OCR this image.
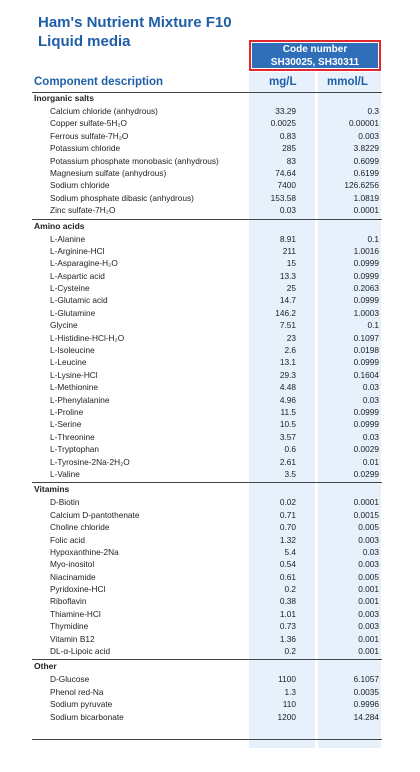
Ham's Nutrient Mixture F10
Liquid media	Code number
SH30025, SH30311
Component description	mg/L	mmol/L
Inorganic salts
Calcium chloride (anhydrous)	33.29	0.3
Copper sulfate-5H₂O	0.0025	0.00001
Ferrous sulfate-7H₂O	0.83	0.003
Potassium chloride	285	3.8229
Potassium phosphate monobasic (anhydrous)	83	0.6099
Magnesium sulfate (anhydrous)	74.64	0.6199
Sodium chloride	7400	126.6256
Sodium phosphate dibasic (anhydrous)	153.58	1.0819
Zinc sulfate-7H₂O	0.03	0.0001
Amino acids
L-Alanine	8.91	0.1
L-Arginine-HCl	211	1.0016
L-Asparagine-H₂O	15	0.0999
L-Aspartic acid	13.3	0.0999
L-Cysteine	25	0.2063
L-Glutamic acid	14.7	0.0999
L-Glutamine	146.2	1.0003
Glycine	7.51	0.1
L-Histidine-HCl-H₂O	23	0.1097
L-Isoleucine	2.6	0.0198
L-Leucine	13.1	0.0999
L-Lysine-HCl	29.3	0.1604
L-Methionine	4.48	0.03
L-Phenylalanine	4.96	0.03
L-Proline	11.5	0.0999
L-Serine	10.5	0.0999
L-Threonine	3.57	0.03
L-Tryptophan	0.6	0.0029
L-Tyrosine-2Na-2H₂O	2.61	0.01
L-Valine	3.5	0.0299
Vitamins
D-Biotin	0.02	0.0001
Calcium D-pantothenate	0.71	0.0015
Choline chloride	0.70	0.005
Folic acid	1.32	0.003
Hypoxanthine-2Na	5.4	0.03
Myo-inositol	0.54	0.003
Niacinamide	0.61	0.005
Pyridoxine-HCl	0.2	0.001
Riboflavin	0.38	0.001
Thiamine-HCl	1.01	0.003
Thymidine	0.73	0.003
Vitamin B12	1.36	0.001
DL-α-Lipoic acid	0.2	0.001
Other
D-Glucose	1100	6.1057
Phenol red-Na	1.3	0.0035
Sodium pyruvate	110	0.9996
Sodium bicarbonate	1200	14.284
